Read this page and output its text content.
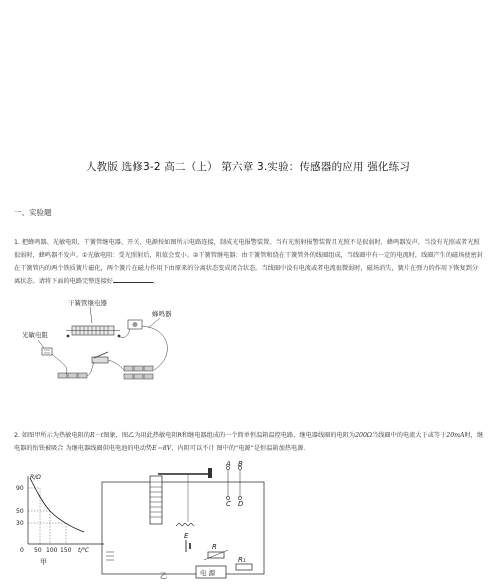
人教版 选修3-2 高二（上） 第六章 3.实验：传感器的应用 强化练习
一、实验题
1. 把蜂鸣器、光敏电阻、干簧管继电器、开关、电源按如图所示电路连接，制成光电报警装置。当有光照射报警装置且光照不是很弱时，蜂鸣器发声，当没有光照或者光照很弱时，蜂鸣器不发声。①光敏电阻：受光照射后，阻值会变小。②干簧管继电器：由干簧管和绕在干簧管外的线圈组成，当线圈中有一定的电流时，线圈产生的磁场使密封在干簧管内的两个铁质簧片磁化，两个簧片在磁力作用下由原来的分离状态变成闭合状态。当线圈中没有电流或者电流很微弱时，磁场消失，簧片在弹力的作用下恢复到分离状态。请将下面的电路完整连接好	。
干簧管继电器
蜂鸣器
光敏电阻
2. 如图甲所示为热敏电阻的R－t图象，图乙为用此热敏电阻R和继电器组成的一个简单恒温箱温控电路，继电器线圈的电阻为200Ω当线圈中的电流大于或等于20mA时，继电器的衔铁被吸合 为继电器线圈供电电池的电动势E＝8V，内阻可以不计 图中的“电源”是恒温箱加热电源．
R/Ω
0
90
50
30
50 100 150 t/℃
甲
A B
C D
E
R
R₁
电 源
乙
